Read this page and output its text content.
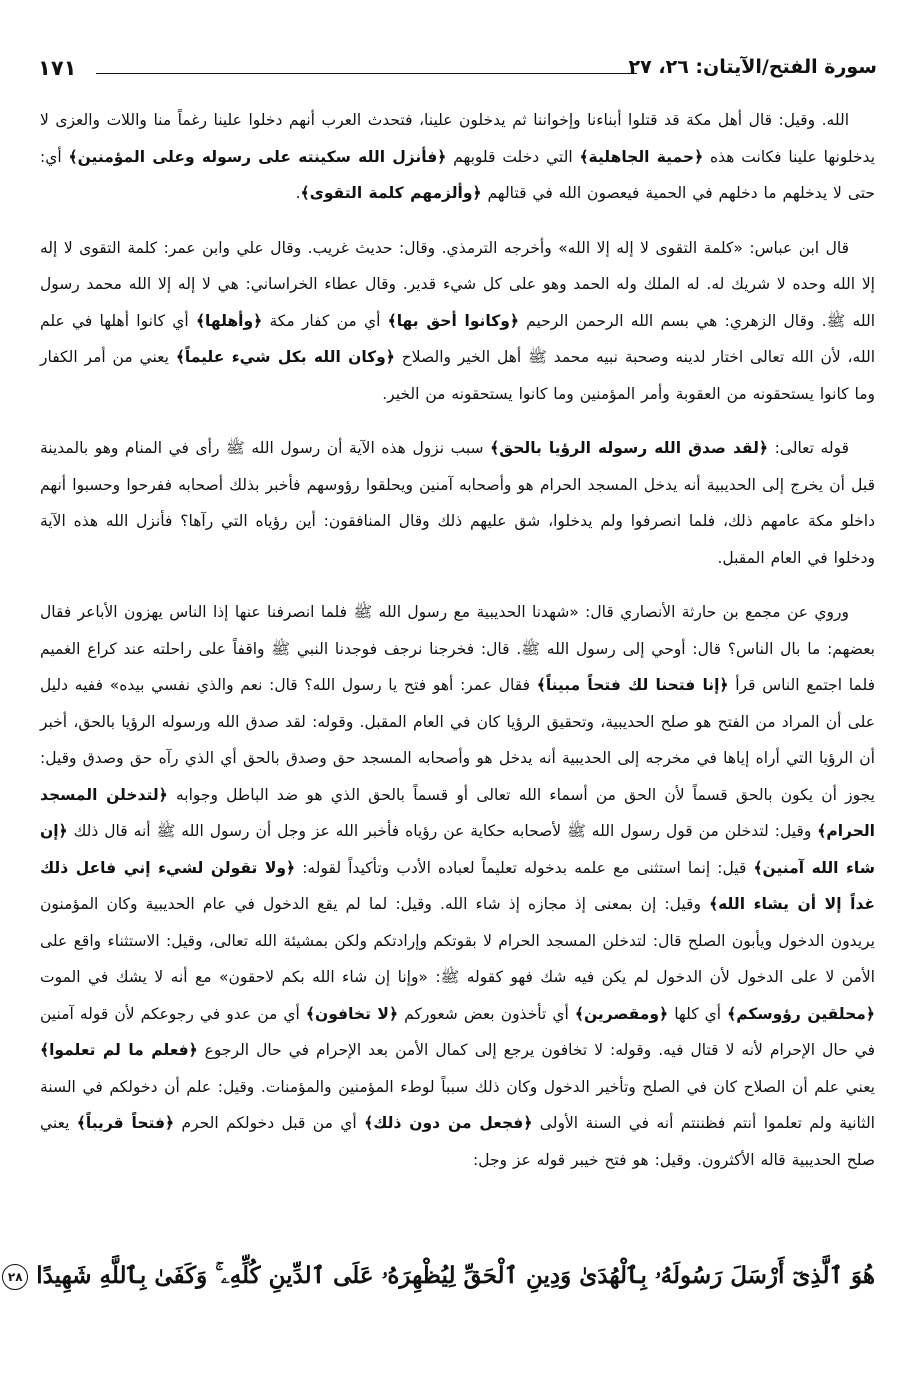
سورة الفتح/الآيتان: ٢٦، ٢٧
١٧١

الله. وقيل: قال أهل مكة قد قتلوا أبناءنا وإخواننا ثم يدخلون علينا، فتحدث العرب أنهم دخلوا علينا رغماً منا واللات والعزى لا يدخلونها علينا فكانت هذه ﴿حمية الجاهلية﴾ التي دخلت قلوبهم ﴿فأنزل الله سكينته على رسوله وعلى المؤمنين﴾ أي: حتى لا يدخلهم ما دخلهم في الحمية فيعصون الله في قتالهم ﴿وألزمهم كلمة التقوى﴾.

قال ابن عباس: «كلمة التقوى لا إله إلا الله» وأخرجه الترمذي. وقال: حديث غريب. وقال علي وابن عمر: كلمة التقوى لا إله إلا الله وحده لا شريك له. له الملك وله الحمد وهو على كل شيء قدير. وقال عطاء الخراساني: هي لا إله إلا الله محمد رسول الله ﷺ. وقال الزهري: هي بسم الله الرحمن الرحيم ﴿وكانوا أحق بها﴾ أي من كفار مكة ﴿وأهلها﴾ أي كانوا أهلها في علم الله، لأن الله تعالى اختار لدينه وصحبة نبيه محمد ﷺ أهل الخير والصلاح ﴿وكان الله بكل شيء عليماً﴾ يعني من أمر الكفار وما كانوا يستحقونه من العقوبة وأمر المؤمنين وما كانوا يستحقونه من الخير.

قوله تعالى: ﴿لقد صدق الله رسوله الرؤيا بالحق﴾ سبب نزول هذه الآية أن رسول الله ﷺ رأى في المنام وهو بالمدينة قبل أن يخرج إلى الحديبية أنه يدخل المسجد الحرام هو وأصحابه آمنين ويحلقوا رؤوسهم فأخبر بذلك أصحابه ففرحوا وحسبوا أنهم داخلو مكة عامهم ذلك، فلما انصرفوا ولم يدخلوا، شق عليهم ذلك وقال المنافقون: أين رؤياه التي رآها؟ فأنزل الله هذه الآية ودخلوا في العام المقبل.

وروي عن مجمع بن حارثة الأنصاري قال: «شهدنا الحديبية مع رسول الله ﷺ فلما انصرفنا عنها إذا الناس يهزون الأباعر فقال بعضهم: ما بال الناس؟ قال: أوحي إلى رسول الله ﷺ. قال: فخرجنا نرجف فوجدنا النبي ﷺ واقفاً على راحلته عند كراع الغميم فلما اجتمع الناس قرأ ﴿إنا فتحنا لك فتحاً مبيناً﴾ فقال عمر: أهو فتح يا رسول الله؟ قال: نعم والذي نفسي بيده» ففيه دليل على أن المراد من الفتح هو صلح الحديبية، وتحقيق الرؤيا كان في العام المقبل. وقوله: لقد صدق الله ورسوله الرؤيا بالحق، أخبر أن الرؤيا التي أراه إياها في مخرجه إلى الحديبية أنه يدخل هو وأصحابه المسجد حق وصدق بالحق أي الذي رآه حق وصدق وقيل: يجوز أن يكون بالحق قسماً لأن الحق من أسماء الله تعالى أو قسماً بالحق الذي هو ضد الباطل وجوابه ﴿لتدخلن المسجد الحرام﴾ وقيل: لتدخلن من قول رسول الله ﷺ لأصحابه حكاية عن رؤياه فأخبر الله عز وجل أن رسول الله ﷺ أنه قال ذلك ﴿إن شاء الله آمنين﴾ قيل: إنما استثنى مع علمه بدخوله تعليماً لعباده الأدب وتأكيداً لقوله: ﴿ولا تقولن لشيء إني فاعل ذلك غداً إلا أن يشاء الله﴾ وقيل: إن بمعنى إذ مجازه إذ شاء الله. وقيل: لما لم يقع الدخول في عام الحديبية وكان المؤمنون يريدون الدخول ويأبون الصلح قال: لتدخلن المسجد الحرام لا بقوتكم وإرادتكم ولكن بمشيئة الله تعالى، وقيل: الاستثناء واقع على الأمن لا على الدخول لأن الدخول لم يكن فيه شك فهو كقوله ﷺ: «وإنا إن شاء الله بكم لاحقون» مع أنه لا يشك في الموت ﴿محلقين رؤوسكم﴾ أي كلها ﴿ومقصرين﴾ أي تأخذون بعض شعوركم ﴿لا تخافون﴾ أي من عدو في رجوعكم لأن قوله آمنين في حال الإحرام لأنه لا قتال فيه. وقوله: لا تخافون يرجع إلى كمال الأمن بعد الإحرام في حال الرجوع ﴿فعلم ما لم تعلموا﴾ يعني علم أن الصلاح كان في الصلح وتأخير الدخول وكان ذلك سبباً لوطء المؤمنين والمؤمنات. وقيل: علم أن دخولكم في السنة الثانية ولم تعلموا أنتم فظننتم أنه في السنة الأولى ﴿فجعل من دون ذلك﴾ أي من قبل دخولكم الحرم ﴿فتحاً قريباً﴾ يعني صلح الحديبية قاله الأكثرون. وقيل: هو فتح خيبر قوله عز وجل:

هُوَ ٱلَّذِىٓ أَرْسَلَ رَسُولَهُۥ بِٱلْهُدَىٰ وَدِينِ ٱلْحَقِّ لِيُظْهِرَهُۥ عَلَى ٱلدِّينِ كُلِّهِۦ ۚ وَكَفَىٰ بِٱللَّهِ شَهِيدًا ٢٨
